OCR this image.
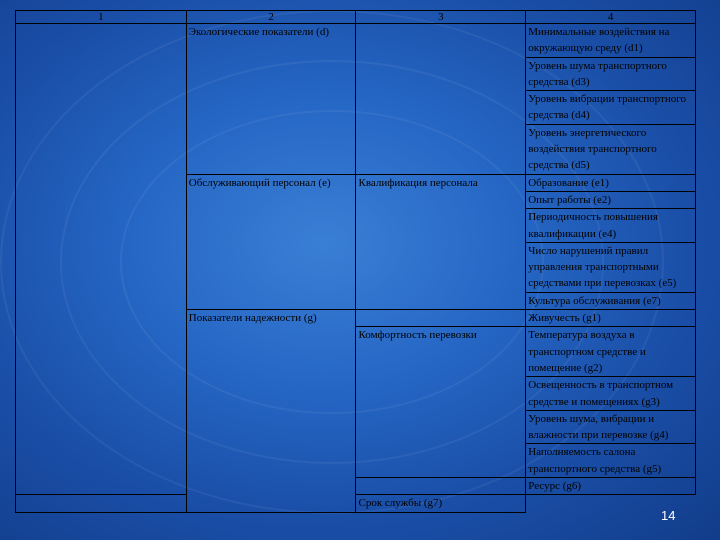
1	2	3	4
	Экологические показатели (d)		Минимальные воздействия на окружающую среду (d1)
			Уровень шума транспортного средства (d3)
			Уровень вибрации транспортного средства (d4)
			Уровень энергетического воздействия транспортного средства (d5)
	Обслуживающий персонал (е)	Квалификация персонала	Образование (е1)
			Опыт работы (е2)
			Периодичность повышения квалификации (е4)
			Число нарушений правил управления транспортными средствами при перевозках (е5)
			Культура обслуживания (е7)
	Показатели надежности (g)		Живучесть (g1)
		Комфортность перевозки	Температура воздуха в транспортном средстве и помещение (g2)
			Освещенность в транспортном средстве и помещениях (g3)
			Уровень шума, вибрации и влажности при перевозке (g4)
			Наполняемость салона транспортного средства (g5)
			Ресурс (g6)
		Срок службы (g7)	
14
